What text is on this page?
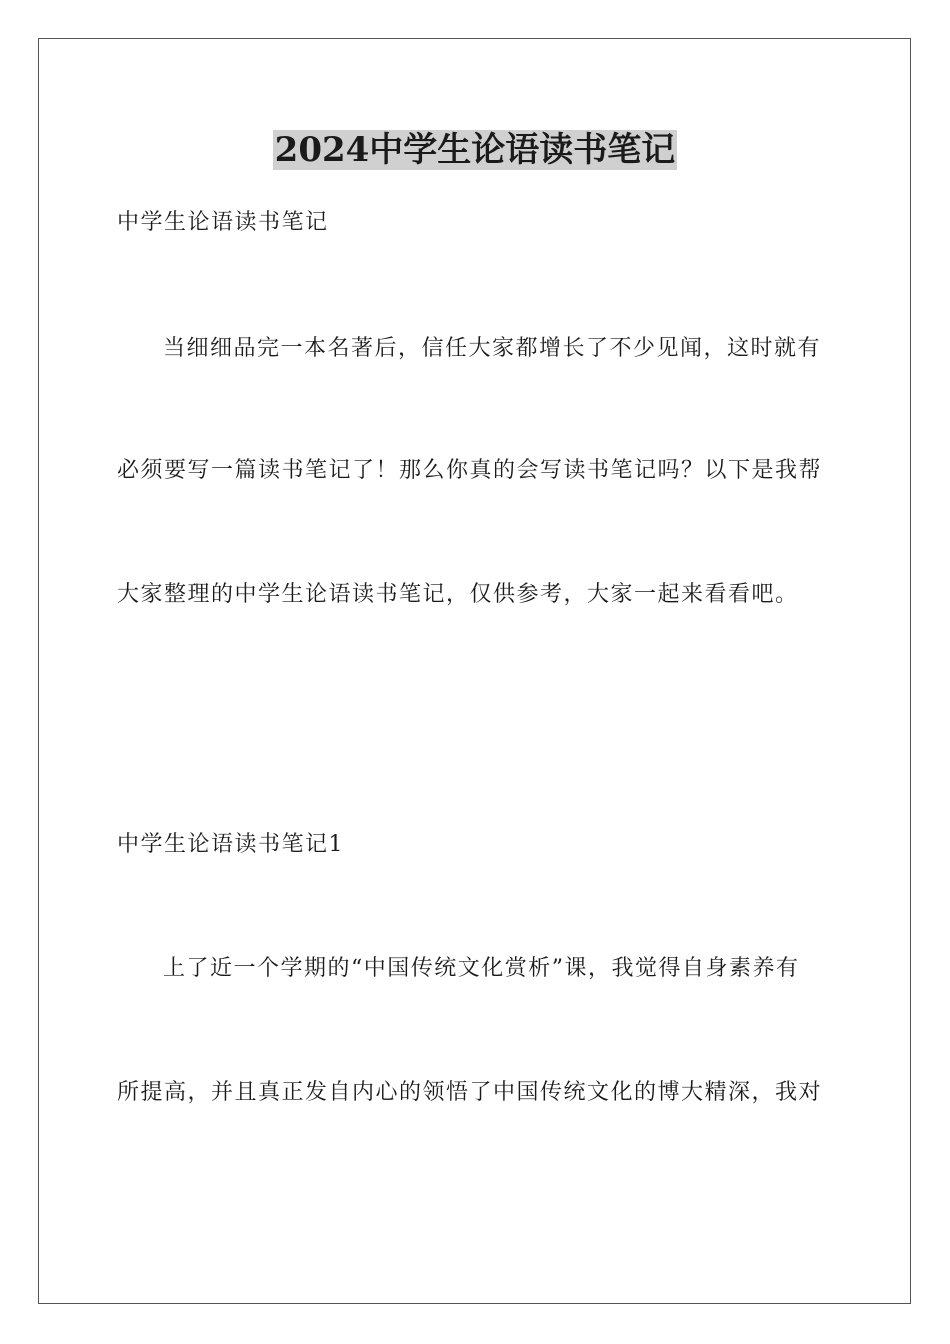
2024中学生论语读书笔记
中学生论语读书笔记
当细细品完一本名著后，信任大家都增长了不少见闻，这时就有
必须要写一篇读书笔记了！那么你真的会写读书笔记吗？以下是我帮
大家整理的中学生论语读书笔记，仅供参考，大家一起来看看吧。
中学生论语读书笔记1
上了近一个学期的“中国传统文化赏析”课，我觉得自身素养有
所提高，并且真正发自内心的领悟了中国传统文化的博大精深，我对
